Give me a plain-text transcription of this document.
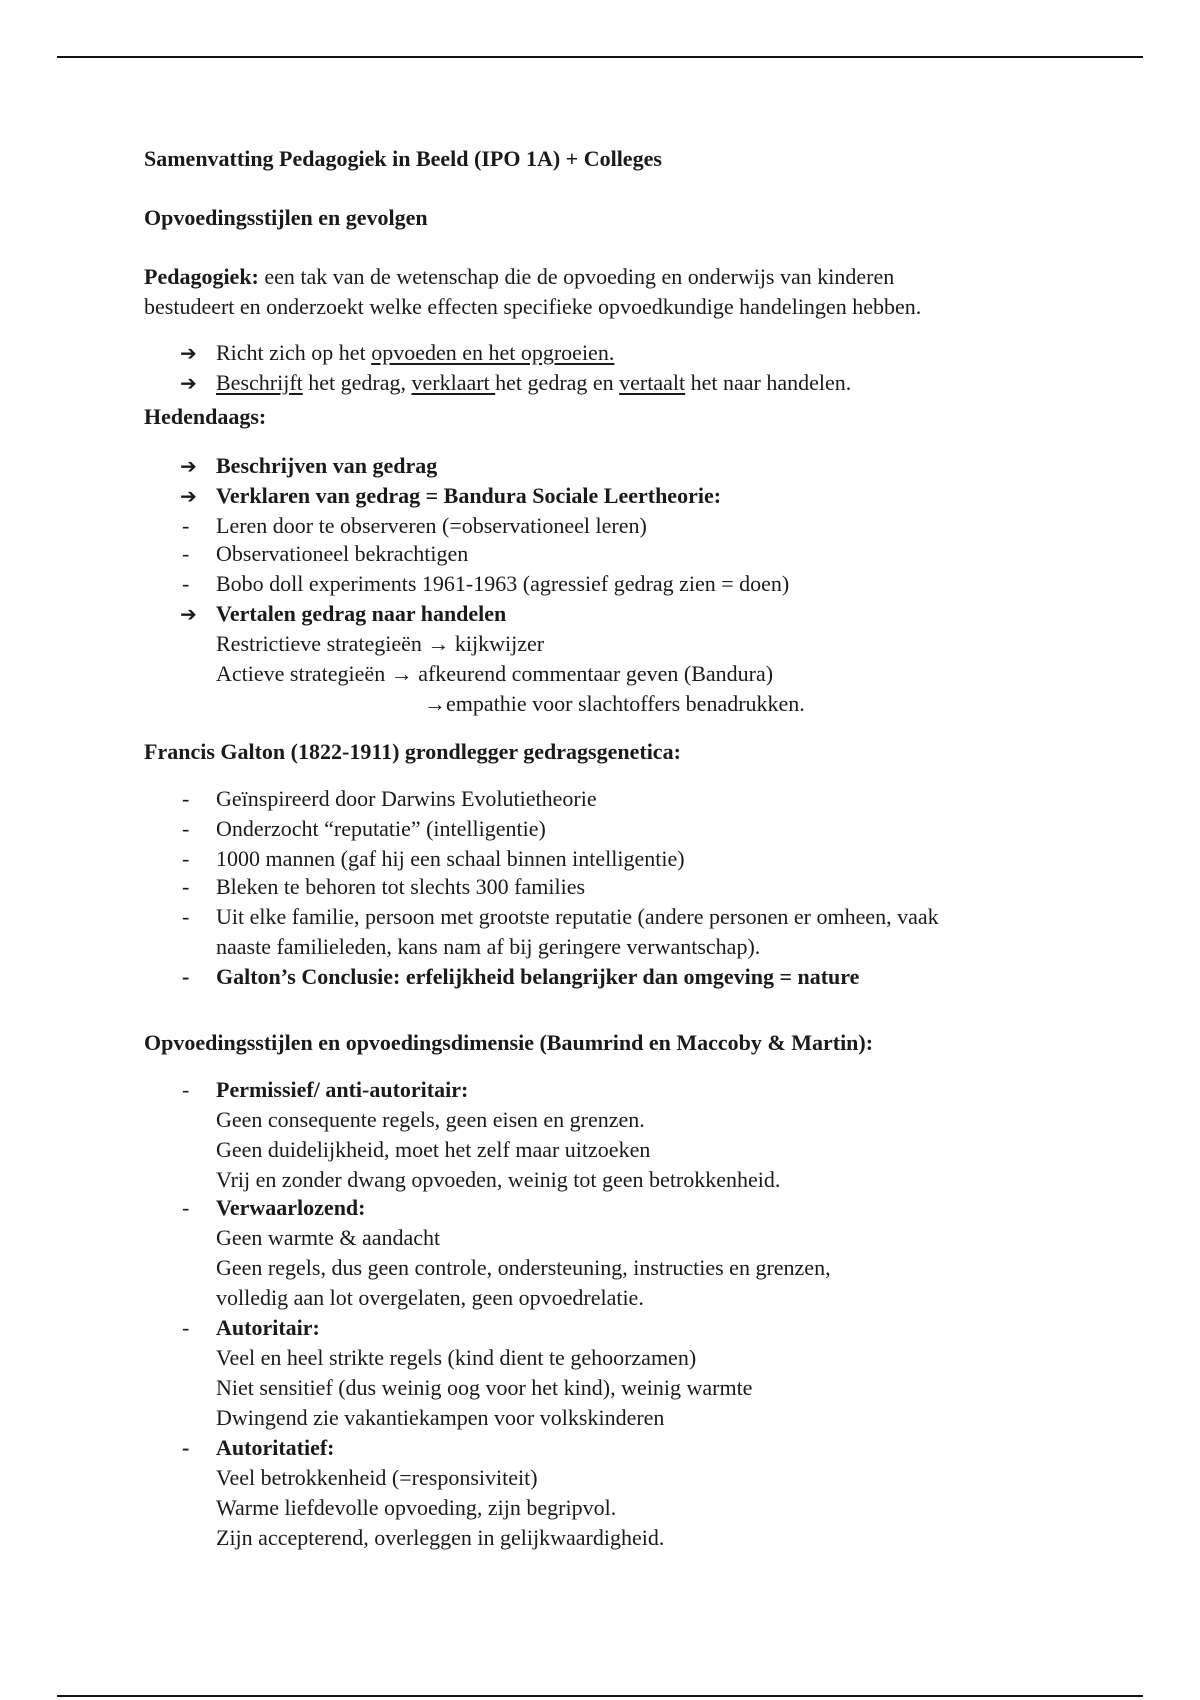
Samenvatting Pedagogiek in Beeld (IPO 1A) + Colleges

Opvoedingsstijlen en gevolgen

Pedagogiek: een tak van de wetenschap die de opvoeding en onderwijs van kinderen

bestudeert en onderzoekt welke effecten specifieke opvoedkundige handelingen hebben.

➔ Richt zich op het opvoeden en het opgroeien.

➔ Beschrijft het gedrag, verklaart het gedrag en vertaalt het naar handelen.

Hedendaags:

➔ Beschrijven van gedrag

➔ Verklaren van gedrag = Bandura Sociale Leertheorie:

- Leren door te observeren (=observationeel leren)

- Observationeel bekrachtigen

- Bobo doll experiments 1961-1963 (agressief gedrag zien = doen)

➔ Vertalen gedrag naar handelen

Restrictieve strategieën → kijkwijzer

Actieve strategieën → afkeurend commentaar geven (Bandura)

→empathie voor slachtoffers benadrukken.

Francis Galton (1822-1911) grondlegger gedragsgenetica:

- Geïnspireerd door Darwins Evolutietheorie

- Onderzocht “reputatie” (intelligentie)

- 1000 mannen (gaf hij een schaal binnen intelligentie)

- Bleken te behoren tot slechts 300 families

- Uit elke familie, persoon met grootste reputatie (andere personen er omheen, vaak

naaste familieleden, kans nam af bij geringere verwantschap).

- Galton’s Conclusie: erfelijkheid belangrijker dan omgeving = nature

Opvoedingsstijlen en opvoedingsdimensie (Baumrind en Maccoby & Martin):

- Permissief/ anti-autoritair:

Geen consequente regels, geen eisen en grenzen.

Geen duidelijkheid, moet het zelf maar uitzoeken

Vrij en zonder dwang opvoeden, weinig tot geen betrokkenheid.

- Verwaarlozend:

Geen warmte & aandacht

Geen regels, dus geen controle, ondersteuning, instructies en grenzen,

volledig aan lot overgelaten, geen opvoedrelatie.

- Autoritair:

Veel en heel strikte regels (kind dient te gehoorzamen)

Niet sensitief (dus weinig oog voor het kind), weinig warmte

Dwingend zie vakantiekampen voor volkskinderen

- Autoritatief:

Veel betrokkenheid (=responsiviteit)

Warme liefdevolle opvoeding, zijn begripvol.

Zijn accepterend, overleggen in gelijkwaardigheid.
